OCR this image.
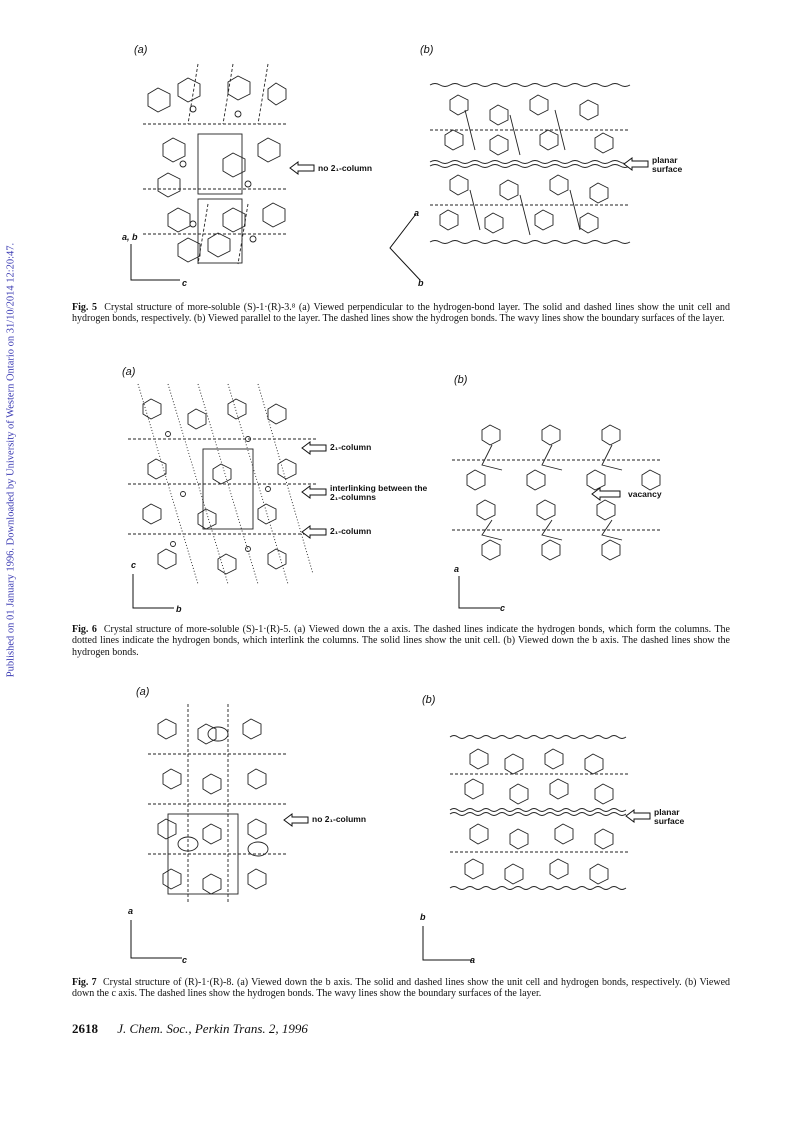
Published on 01 January 1996. Downloaded by University of Western Ontario on 31/10/2014 12:20:47.
(a)	(b)
no 2₁-column
a, b
c
planar
surface
a
b
Fig. 5 Crystal structure of more-soluble (S)-1·(R)-3.⁸ (a) Viewed perpendicular to the hydrogen-bond layer. The solid and dashed lines show the unit cell and hydrogen bonds, respectively. (b) Viewed parallel to the layer. The dashed lines show the hydrogen bonds. The wavy lines show the boundary surfaces of the layer.
(a)
(b)
2₁-column
interlinking between the
2₁-columns
2₁-column
c
b
vacancy
a
c
Fig. 6 Crystal structure of more-soluble (S)-1·(R)-5. (a) Viewed down the a axis. The dashed lines indicate the hydrogen bonds, which form the columns. The dotted lines indicate the hydrogen bonds, which interlink the columns. The solid lines show the unit cell. (b) Viewed down the b axis. The dashed lines show the hydrogen bonds.
(a)
(b)
no 2₁-column
a
c
planar
surface
b
a
Fig. 7 Crystal structure of (R)-1·(R)-8. (a) Viewed down the b axis. The solid and dashed lines show the unit cell and hydrogen bonds, respectively. (b) Viewed down the c axis. The dashed lines show the hydrogen bonds. The wavy lines show the boundary surfaces of the layer.
2618 J. Chem. Soc., Perkin Trans. 2, 1996
